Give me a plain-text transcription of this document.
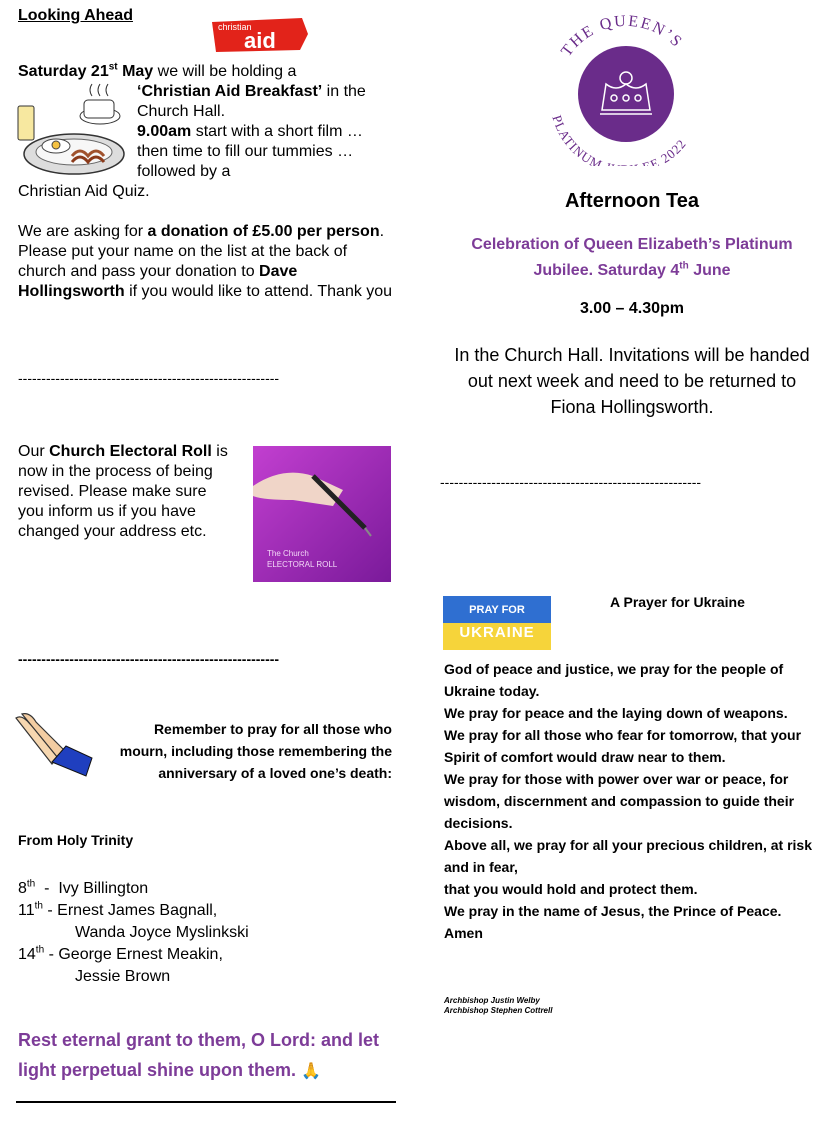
Looking Ahead
christian
aid
Saturday 21st May we will be holding a
‘Christian Aid Breakfast’ in the Church Hall.
9.00am start with a short film … then time to fill our tummies … followed by a
Christian Aid Quiz.
We are asking for a donation of £5.00 per person. Please put your name on the list at the back of church and pass your donation to Dave Hollingsworth if you would like to attend. Thank you
--------------------------------------------------------
Our Church Electoral Roll is now in the process of being revised. Please make sure you inform us if you have changed your address etc.
The Church
ELECTORAL ROLL
--------------------------------------------------------
Remember to pray for all those who mourn, including those remembering the anniversary of a loved one’s death:
From Holy Trinity
8th  -  Ivy Billington
11th - Ernest James Bagnall,
Wanda Joyce Myslinkski
14th - George Ernest Meakin,
Jessie Brown
Rest eternal grant to them, O Lord: and let light perpetual shine upon them. 🙏
THE QUEEN’S
PLATINUM E 2022
Afternoon Tea
Celebration of Queen Elizabeth’s Platinum Jubilee. Saturday 4th June
3.00 – 4.30pm
In the Church Hall. Invitations will be handed out next week and need to be returned to Fiona Hollingsworth.
--------------------------------------------------------
PRAY FOR
UKRAINE
A Prayer for Ukraine

God of peace and justice, we pray for the people of Ukraine today.

We pray for peace and the laying down of weapons.

We pray for all those who fear for tomorrow, that your Spirit of comfort would draw near to them.

We pray for those with power over war or peace, for wisdom, discernment and compassion to guide their decisions.

Above all, we pray for all your precious children, at risk and in fear,

that you would hold and protect them.

We pray in the name of Jesus, the Prince of Peace. Amen

Archbishop Justin Welby
Archbishop Stephen Cottrell
